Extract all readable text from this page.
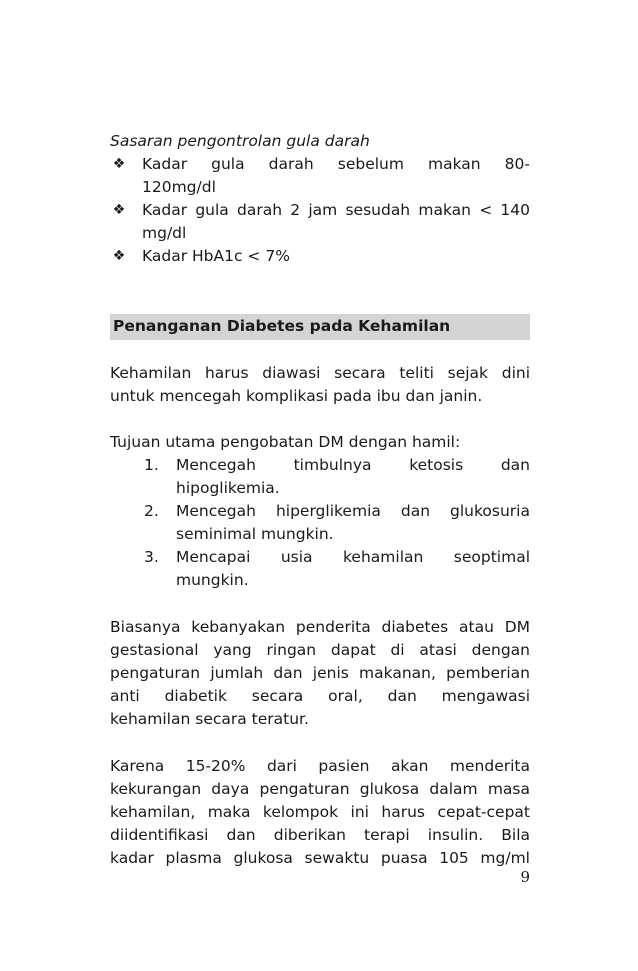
Sasaran pengontrolan gula darah

❖ Kadar gula darah sebelum makan 80-
120mg/dl
❖ Kadar gula darah 2 jam sesudah makan < 140
mg/dl
❖ Kadar HbA1c < 7%
Penanganan Diabetes pada Kehamilan

Kehamilan harus diawasi secara teliti sejak dini
untuk mencegah komplikasi pada ibu dan janin.

Tujuan utama pengobatan DM dengan hamil:

1. Mencegah timbulnya ketosis dan
hipoglikemia.
2. Mencegah hiperglikemia dan glukosuria
seminimal mungkin.
3. Mencapai usia kehamilan seoptimal
mungkin.

Biasanya kebanyakan penderita diabetes atau DM
gestasional yang ringan dapat di atasi dengan
pengaturan jumlah dan jenis makanan, pemberian
anti diabetik secara oral, dan mengawasi
kehamilan secara teratur.

Karena 15-20% dari pasien akan menderita
kekurangan daya pengaturan glukosa dalam masa
kehamilan, maka kelompok ini harus cepat-cepat
diidentifikasi dan diberikan terapi insulin. Bila
kadar plasma glukosa sewaktu puasa 105 mg/ml

9
